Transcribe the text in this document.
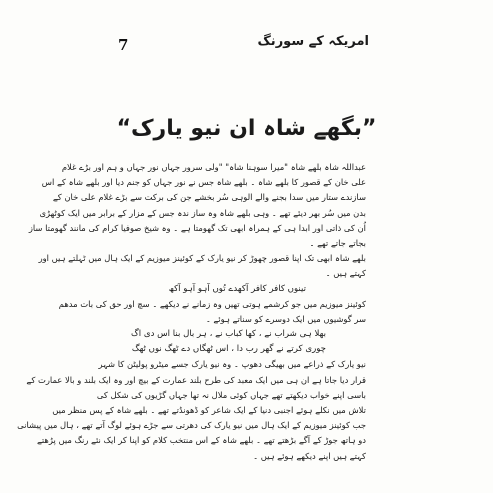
7	امریکہ کے سورنگ
”بگھے شاہ ان نیو یارک“
عبداللہ شاہ بلھے شاہ "میرا سوہنا شاہ" "ولی سرور جہاں نور جہاں و ہم اور بڑے غلام
علی خان کے قصور کا بلھے شاہ ۔ بلھے شاہ جس نے نور جہاں کو جنم دیا اور بلھے شاہ کے اس
سازندے ستار میں سدا بجنے والے الوہی سُر بخشے جن کی برکت سے بڑے غلام علی خان کے
بدن میں سُر بھر دیئے تھے ۔ وہی بلھے شاہ وہ ساز ندہ جس کے مزار کے برابر میں ایک کوٹھڑی
اُن کی ذاتی اور ابدا ہی کے ہمراہ ابھی تک گھومتا ہے ۔ وہ شیخ صوفیا کرام کی مانند گھومتا ساز
بجاتے جاتے تھے ۔
بلھے شاہ ابھی تک اپنا قصور چھوڑ کر نیو یارک کے کوئینز میوزیم کے ایک ہال میں ٹہلتے ہیں اور
کہتے ہیں ۔
تینوں کافر کافر آکھدے تُوں آہو آہو آکھ
کوئینز میوزیم میں جو کرشمے ہوتی تھیں وہ زمانے نے دیکھے ۔ سچ اور حق کی بات مدھم
سر گوشیوں میں ایک دوسرے کو سناتے ہوئے ۔
بھلا ہی شراب نے ، کھا کباب نے ، ہر بال بنا اس دی اگ
چوری کرتے نے گھر رب دا ، اس ٹھگاں دے ٹھگ نوں ٹھگ
نیو یارک کے ذراعے میں بھیگی دھوپ ۔ وہ نیو یارک جسے میٹرو پولیٹن کا شہر
قرار دیا جاتا ہے ان ہی میں ایک معبد کی طرح بلند عمارت کے بیچ اور وہ ایک بلند و بالا عمارت کے
باسی اپنے خواب دیکھتے تھے جہاں کوئی ملال نہ تھا جہاں گڑیوں کی شکل کی
تلاش میں نکلے ہوئے اجنبی دنیا کے ایک شاعر کو ڈھونڈتے تھے ۔ بلھے شاہ کے پس منظر میں
جب کوئینز میوزیم کے ایک ہال میں نیو یارک کی دھرتی سے جڑے ہوئے لوگ آتے تھے ، ہال میں پیشانی
دو ہاتھ جوڑ کے آگے بڑھتے تھے ۔ بلھے شاہ کے اس منتخب کلام کو اپنا کر ایک نئے رنگ میں پڑھتے
کہتے ہیں اپنے دیکھے ہوئے ہیں ۔
